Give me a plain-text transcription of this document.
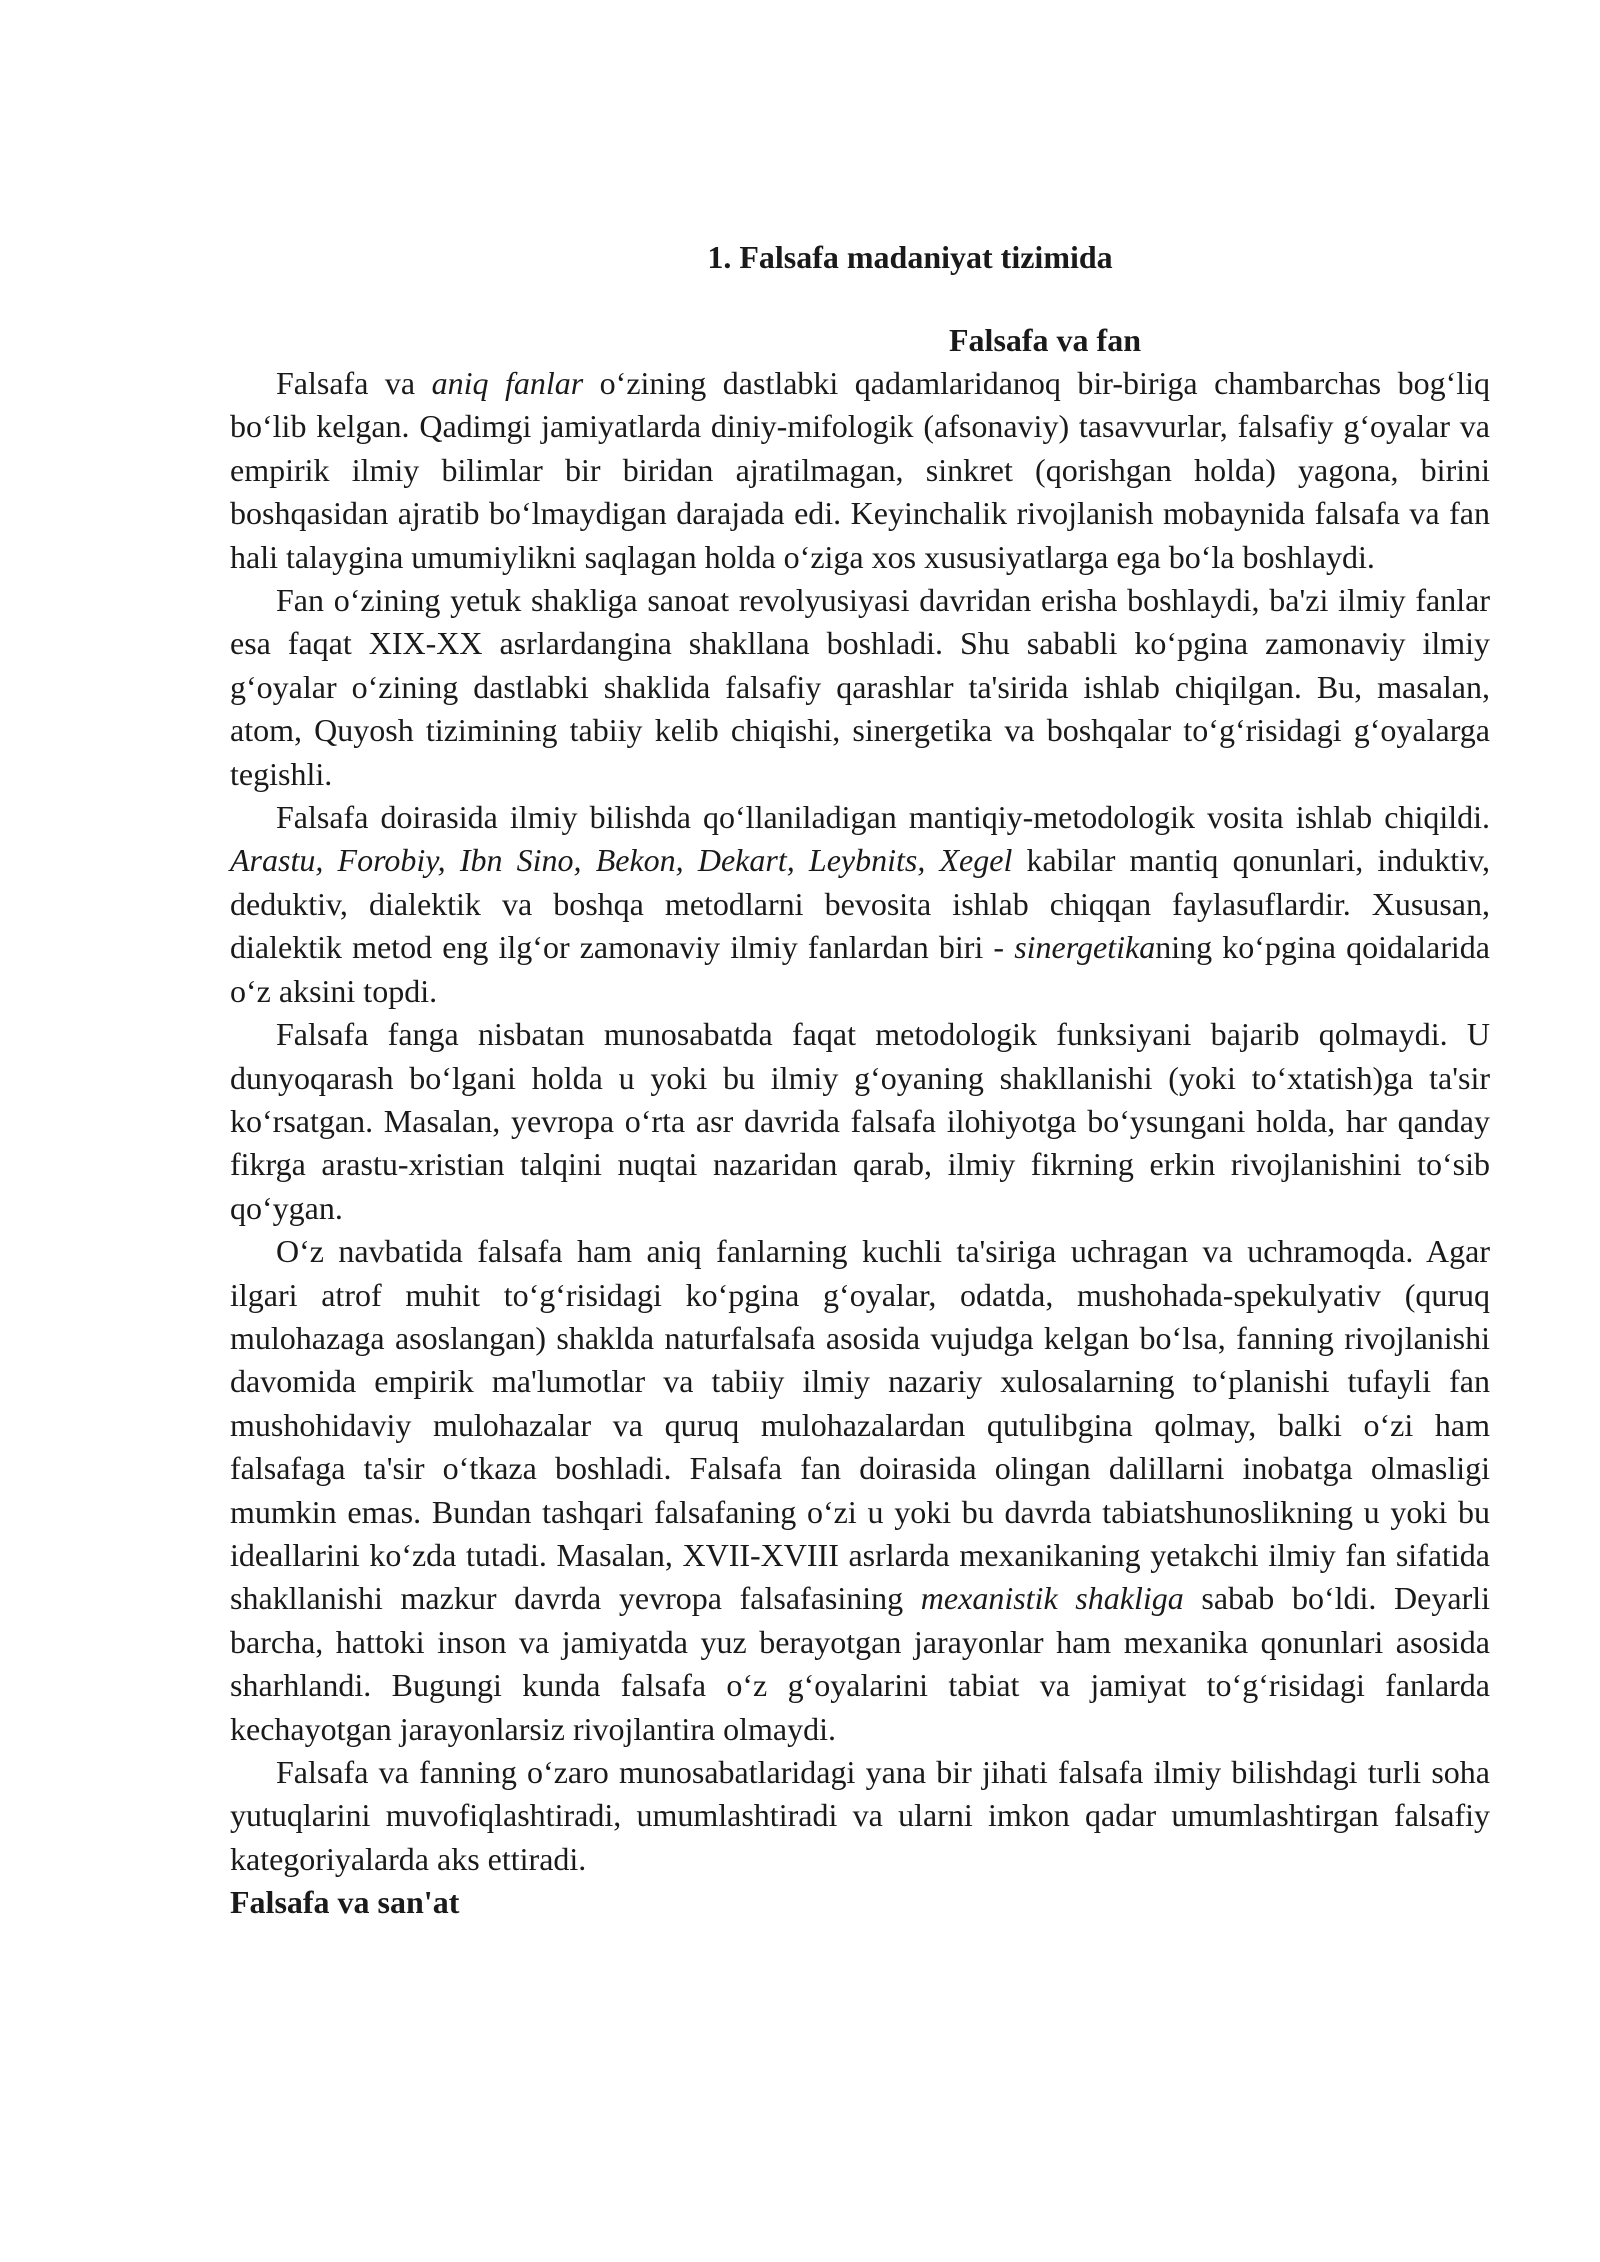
1. Falsafa madaniyat tizimida
Falsafa va fan

Falsafa va aniq fanlar o‘zining dastlabki qadamlaridanoq bir-biriga chambarchas bog‘liq bo‘lib kelgan. Qadimgi jamiyatlarda diniy-mifologik (afsonaviy) tasavvurlar, falsafiy g‘oyalar va empirik ilmiy bilimlar bir biridan ajratilmagan, sinkret (qorishgan holda) yagona, birini boshqasidan ajratib bo‘lmaydigan darajada edi. Keyinchalik rivojlanish mobaynida falsafa va fan hali talaygina umumiylikni saqlagan holda o‘ziga xos xususiyatlarga ega bo‘la boshlaydi.

Fan o‘zining yetuk shakliga sanoat revolyusiyasi davridan erisha boshlaydi, ba'zi ilmiy fanlar esa faqat XIX-XX asrlardangina shakllana boshladi. Shu sababli ko‘pgina zamonaviy ilmiy g‘oyalar o‘zining dastlabki shaklida falsafiy qarashlar ta'sirida ishlab chiqilgan. Bu, masalan, atom, Quyosh tizimining tabiiy kelib chiqishi, sinergetika va boshqalar to‘g‘risidagi g‘oyalarga tegishli.

Falsafa doirasida ilmiy bilishda qo‘llaniladigan mantiqiy-metodologik vosita ishlab chiqildi. Arastu, Forobiy, Ibn Sino, Bekon, Dekart, Leybnits, Xegel kabilar mantiq qonunlari, induktiv, deduktiv, dialektik va boshqa metodlarni bevosita ishlab chiqqan faylasuflardir. Xususan, dialektik metod eng ilg‘or zamonaviy ilmiy fanlardan biri - sinergetikaning ko‘pgina qoidalarida o‘z aksini topdi.

Falsafa fanga nisbatan munosabatda faqat metodologik funksiyani bajarib qolmaydi. U dunyoqarash bo‘lgani holda u yoki bu ilmiy g‘oyaning shakllanishi (yoki to‘xtatish)ga ta'sir ko‘rsatgan. Masalan, yevropa o‘rta asr davrida falsafa ilohiyotga bo‘ysungani holda, har qanday fikrga arastu-xristian talqini nuqtai nazaridan qarab, ilmiy fikrning erkin rivojlanishini to‘sib qo‘ygan.

O‘z navbatida falsafa ham aniq fanlarning kuchli ta'siriga uchragan va uchramoqda. Agar ilgari atrof muhit to‘g‘risidagi ko‘pgina g‘oyalar, odatda, mushohada-spekulyativ (quruq mulohazaga asoslangan) shaklda naturfalsafa asosida vujudga kelgan bo‘lsa, fanning rivojlanishi davomida empirik ma'lumotlar va tabiiy ilmiy nazariy xulosalarning to‘planishi tufayli fan mushohidaviy mulohazalar va quruq mulohazalardan qutulibgina qolmay, balki o‘zi ham falsafaga ta'sir o‘tkaza boshladi. Falsafa fan doirasida olingan dalillarni inobatga olmasligi mumkin emas. Bundan tashqari falsafaning o‘zi u yoki bu davrda tabiatshunoslikning u yoki bu ideallarini ko‘zda tutadi. Masalan, XVII-XVIII asrlarda mexanikaning yetakchi ilmiy fan sifatida shakllanishi mazkur davrda yevropa falsafasining mexanistik shakliga sabab bo‘ldi. Deyarli barcha, hattoki inson va jamiyatda yuz berayotgan jarayonlar ham mexanika qonunlari asosida sharhlandi. Bugungi kunda falsafa o‘z g‘oyalarini tabiat va jamiyat to‘g‘risidagi fanlarda kechayotgan jarayonlarsiz rivojlantira olmaydi.

Falsafa va fanning o‘zaro munosabatlaridagi yana bir jihati falsafa ilmiy bilishdagi turli soha yutuqlarini muvofiqlashtiradi, umumlashtiradi va ularni imkon qadar umumlashtirgan falsafiy kategoriyalarda aks ettiradi.

Falsafa va san'at
